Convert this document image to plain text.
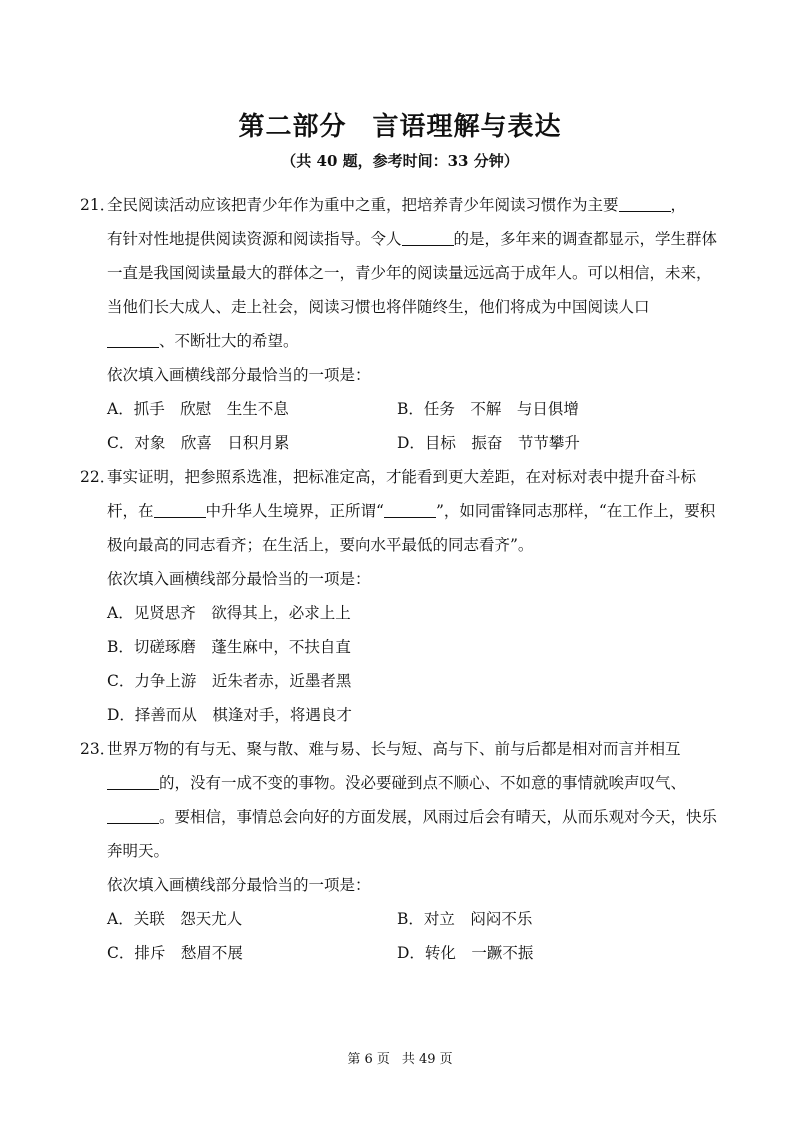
第二部分 言语理解与表达
（共 40 题，参考时间：33 分钟）
21．
全民阅读活动应该把青少年作为重中之重，把培养青少年阅读习惯作为主要	，
有针对性地提供阅读资源和阅读指导。令人	的是，多年来的调查都显示，学生群体一直是我国阅读量最大的群体之一，青少年的阅读量远远高于成年人。可以相信，未来，当他们长大成人、走上社会，阅读习惯也将伴随终生，他们将成为中国阅读人口
、不断壮大的希望。
依次填入画横线部分最恰当的一项是：
A．抓手　欣慰　生生不息	B．任务　不解　与日俱增
C．对象　欣喜　日积月累	D．目标　振奋　节节攀升
22．
事实证明，把参照系选准，把标准定高，才能看到更大差距，在对标对表中提升奋斗标杆，在	中升华人生境界，正所谓“	”，如同雷锋同志那样，“在工作上，要积极向最高的同志看齐；在生活上，要向水平最低的同志看齐”。
依次填入画横线部分最恰当的一项是：
A．见贤思齐　欲得其上，必求上上
B．切磋琢磨　蓬生麻中，不扶自直
C．力争上游　近朱者赤，近墨者黑
D．择善而从　棋逢对手，将遇良才
23．
世界万物的有与无、聚与散、难与易、长与短、高与下、前与后都是相对而言并相互
的，没有一成不变的事物。没必要碰到点不顺心、不如意的事情就唉声叹气、
。要相信，事情总会向好的方面发展，风雨过后会有晴天，从而乐观对今天，快乐奔明天。
依次填入画横线部分最恰当的一项是：
A．关联　怨天尤人	B．对立　闷闷不乐
C．排斥　愁眉不展	D．转化　一蹶不振
第 6 页 共 49 页
